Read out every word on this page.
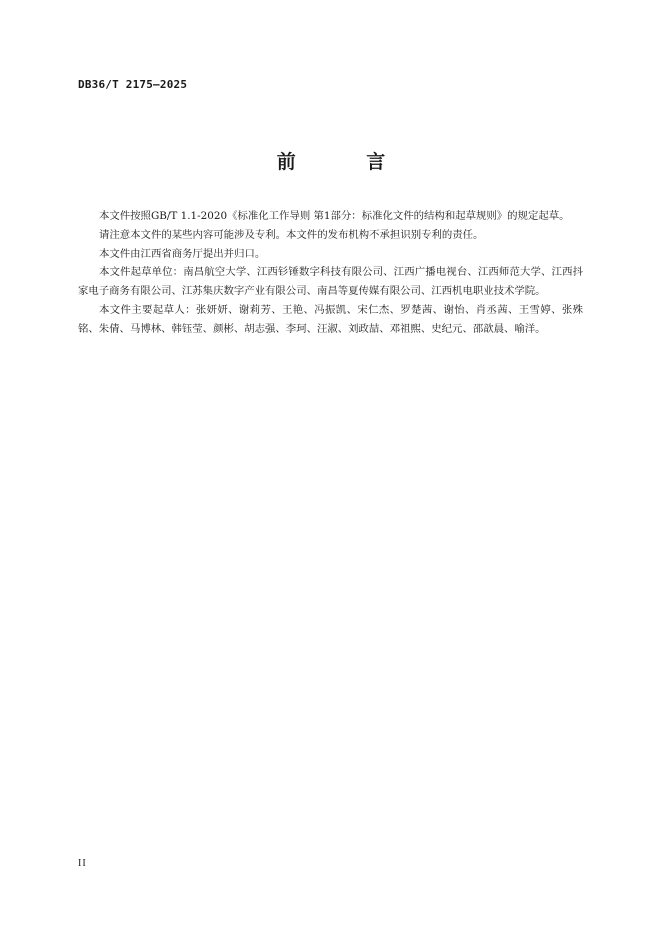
DB36/T 2175—2025
前 言

本文件按照GB/T 1.1-2020《标准化工作导则 第1部分：标准化文件的结构和起草规则》的规定起草。

请注意本文件的某些内容可能涉及专利。本文件的发布机构不承担识别专利的责任。

本文件由江西省商务厅提出并归口。

本文件起草单位：南昌航空大学、江西钐锤数字科技有限公司、江西广播电视台、江西师范大学、江西抖家电子商务有限公司、江苏集庆数字产业有限公司、南昌等夏传媒有限公司、江西机电职业技术学院。

本文件主要起草人：张妍妍、谢莉芳、王艳、冯振凯、宋仁杰、罗楚茜、谢怡、肖丞茜、王雪婷、张殊铭、朱倩、马博林、韩钰莹、颜彬、胡志强、李珂、汪淑、刘政喆、邓祖熙、史纪元、邵歆晨、喻洋。

II
